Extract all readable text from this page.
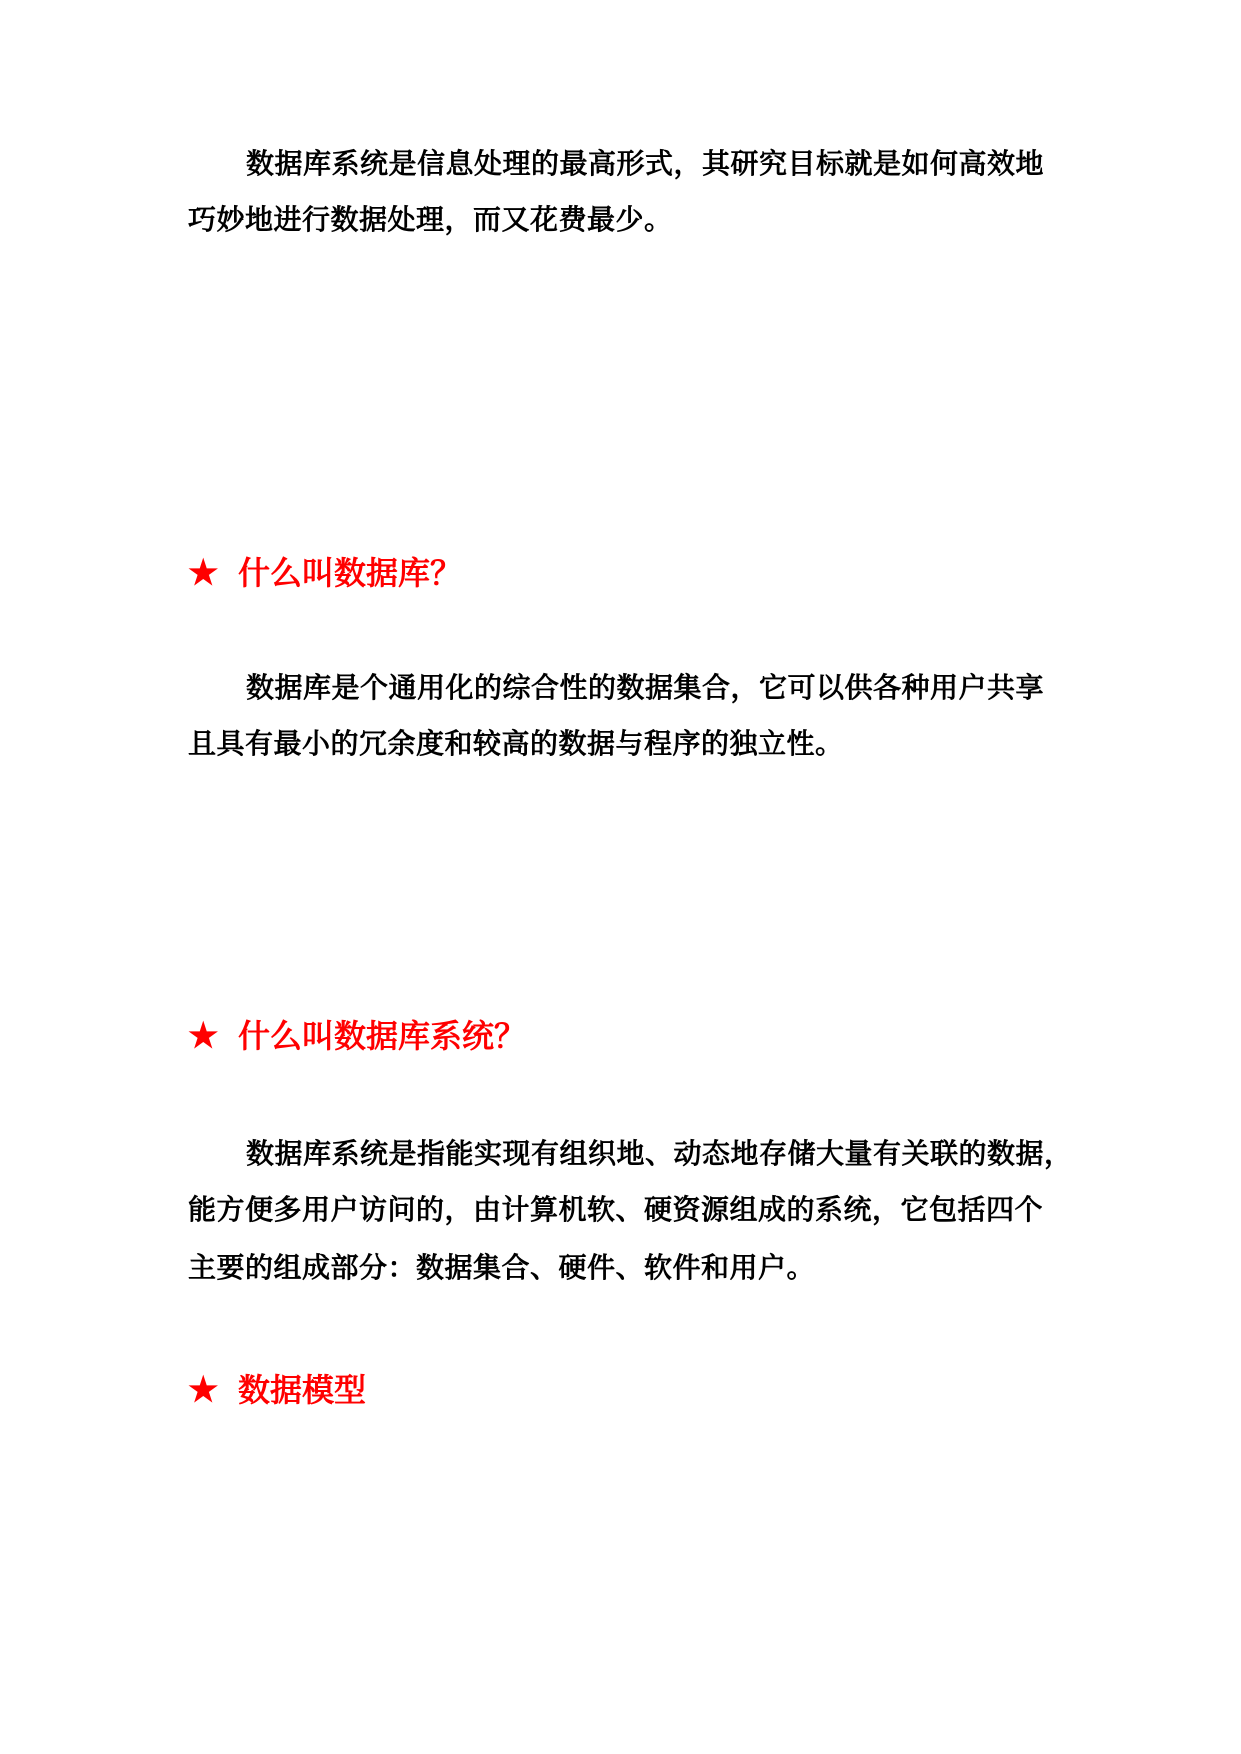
数据库系统是信息处理的最高形式，其研究目标就是如何高效地
巧妙地进行数据处理，而又花费最少。
★ 什么叫数据库？
数据库是个通用化的综合性的数据集合，它可以供各种用户共享
且具有最小的冗余度和较高的数据与程序的独立性。
★ 什么叫数据库系统？
数据库系统是指能实现有组织地、动态地存储大量有关联的数据，
能方便多用户访问的，由计算机软、硬资源组成的系统，它包括四个
主要的组成部分：数据集合、硬件、软件和用户。
★ 数据模型
